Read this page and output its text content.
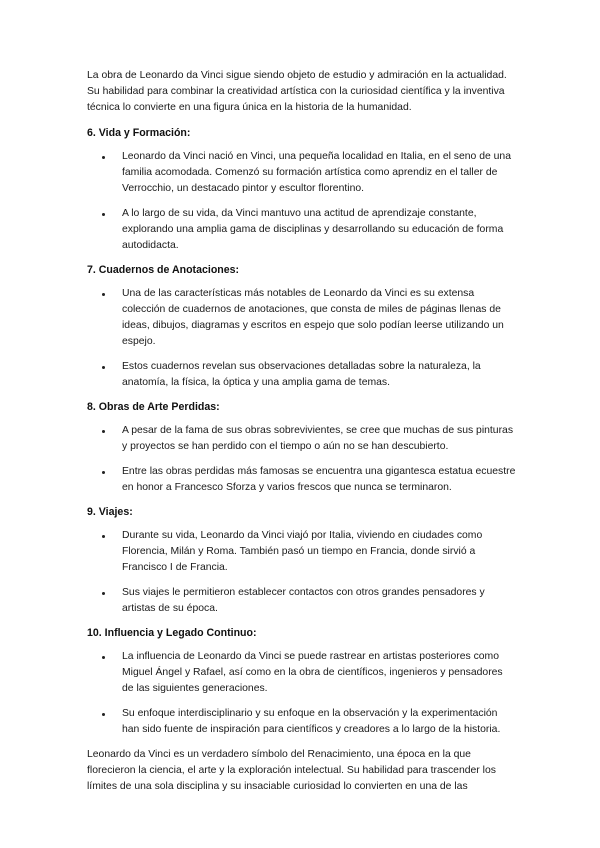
La obra de Leonardo da Vinci sigue siendo objeto de estudio y admiración en la actualidad. Su habilidad para combinar la creatividad artística con la curiosidad científica y la inventiva técnica lo convierte en una figura única en la historia de la humanidad.

6. Vida y Formación:
Leonardo da Vinci nació en Vinci, una pequeña localidad en Italia, en el seno de una familia acomodada. Comenzó su formación artística como aprendiz en el taller de Verrocchio, un destacado pintor y escultor florentino.
A lo largo de su vida, da Vinci mantuvo una actitud de aprendizaje constante, explorando una amplia gama de disciplinas y desarrollando su educación de forma autodidacta.
7. Cuadernos de Anotaciones:
Una de las características más notables de Leonardo da Vinci es su extensa colección de cuadernos de anotaciones, que consta de miles de páginas llenas de ideas, dibujos, diagramas y escritos en espejo que solo podían leerse utilizando un espejo.
Estos cuadernos revelan sus observaciones detalladas sobre la naturaleza, la anatomía, la física, la óptica y una amplia gama de temas.
8. Obras de Arte Perdidas:
A pesar de la fama de sus obras sobrevivientes, se cree que muchas de sus pinturas y proyectos se han perdido con el tiempo o aún no se han descubierto.
Entre las obras perdidas más famosas se encuentra una gigantesca estatua ecuestre en honor a Francesco Sforza y varios frescos que nunca se terminaron.
9. Viajes:
Durante su vida, Leonardo da Vinci viajó por Italia, viviendo en ciudades como Florencia, Milán y Roma. También pasó un tiempo en Francia, donde sirvió a Francisco I de Francia.
Sus viajes le permitieron establecer contactos con otros grandes pensadores y artistas de su época.
10. Influencia y Legado Continuo:
La influencia de Leonardo da Vinci se puede rastrear en artistas posteriores como Miguel Ángel y Rafael, así como en la obra de científicos, ingenieros y pensadores de las siguientes generaciones.
Su enfoque interdisciplinario y su enfoque en la observación y la experimentación han sido fuente de inspiración para científicos y creadores a lo largo de la historia.

Leonardo da Vinci es un verdadero símbolo del Renacimiento, una época en la que florecieron la ciencia, el arte y la exploración intelectual. Su habilidad para trascender los límites de una sola disciplina y su insaciable curiosidad lo convierten en una de las
